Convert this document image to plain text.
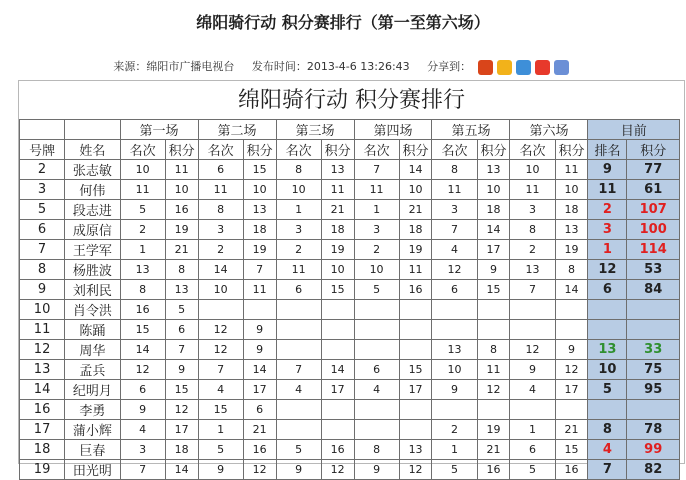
绵阳骑行动 积分赛排行（第一至第六场）
来源：绵阳市广播电视台 发布时间：2013-4-6 13:26:43 分享到：
绵阳骑行动 积分赛排行
		第一场		第二场		第三场		第四场		第五场		第六场		目前	
号牌	姓名	名次	积分	名次	积分	名次	积分	名次	积分	名次	积分	名次	积分	排名	积分
2	张志敏	10	11	6	15	8	13	7	14	8	13	10	11	9	77
3	何伟	11	10	11	10	10	11	11	10	11	10	11	10	11	61
5	段志进	5	16	8	13	1	21	1	21	3	18	3	18	2	107
6	成原信	2	19	3	18	3	18	3	18	7	14	8	13	3	100
7	王学军	1	21	2	19	2	19	2	19	4	17	2	19	1	114
8	杨胜波	13	8	14	7	11	10	10	11	12	9	13	8	12	53
9	刘利民	8	13	10	11	6	15	5	16	6	15	7	14	6	84
10	肖令洪	16	5												
11	陈踊	15	6	12	9										
12	周华	14	7	12	9					13	8	12	9	13	33
13	孟兵	12	9	7	14	7	14	6	15	10	11	9	12	10	75
14	纪明月	6	15	4	17	4	17	4	17	9	12	4	17	5	95
16	李勇	9	12	15	6										
17	蒲小辉	4	17	1	21					2	19	1	21	8	78
18	巨春	3	18	5	16	5	16	8	13	1	21	6	15	4	99
19	田光明	7	14	9	12	9	12	9	12	5	16	5	16	7	82
